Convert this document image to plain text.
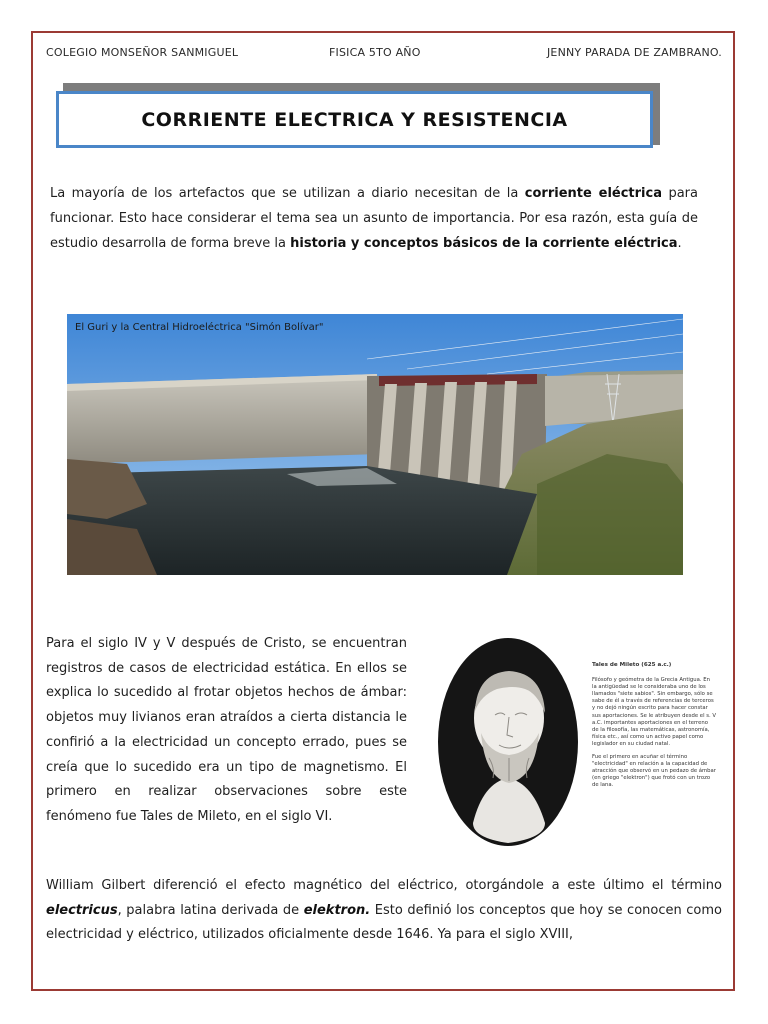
COLEGIO MONSEÑOR SANMIGUEL	FISICA 5TO AÑO	JENNY PARADA DE ZAMBRANO.
CORRIENTE ELECTRICA Y RESISTENCIA
La mayoría de los artefactos que se utilizan a diario necesitan de la corriente eléctrica para funcionar. Esto hace considerar el tema sea un asunto de importancia. Por esa razón, esta guía de estudio desarrolla de forma breve la historia y conceptos básicos de la corriente eléctrica.
El Guri y la Central Hidroeléctrica "Simón Bolívar"
Para el siglo IV y V después de Cristo, se encuentran registros de casos de electricidad estática. En ellos se explica lo sucedido al frotar objetos hechos de ámbar: objetos muy livianos eran atraídos a cierta distancia le confirió a la electricidad un concepto errado, pues se creía que lo sucedido era un tipo de magnetismo. El primero en realizar observaciones sobre este fenómeno fue Tales de Mileto, en el siglo VI.
Tales de Mileto (625 a.c.)
Filósofo y geómetra de la Grecia Antigua. En la antigüedad se le consideraba uno de los llamados "siete sabios". Sin embargo, sólo se sabe de él a través de referencias de terceros y no dejó ningún escrito para hacer constar sus aportaciones. Se le atribuyen desde el s. V a.C. importantes aportaciones en el terreno de la filosofía, las matemáticas, astronomía, física etc., así como un activo papel como legislador en su ciudad natal.
Fue el primero en acuñar el término "electricidad" en relación a la capacidad de atracción que observó en un pedazo de ámbar (en griego "elektron") que frotó con un trozo de lana.
William Gilbert diferenció el efecto magnético del eléctrico, otorgándole a este último el término electricus, palabra latina derivada de elektron. Esto definió los conceptos que hoy se conocen como electricidad y eléctrico, utilizados oficialmente desde 1646. Ya para el siglo XVIII,
